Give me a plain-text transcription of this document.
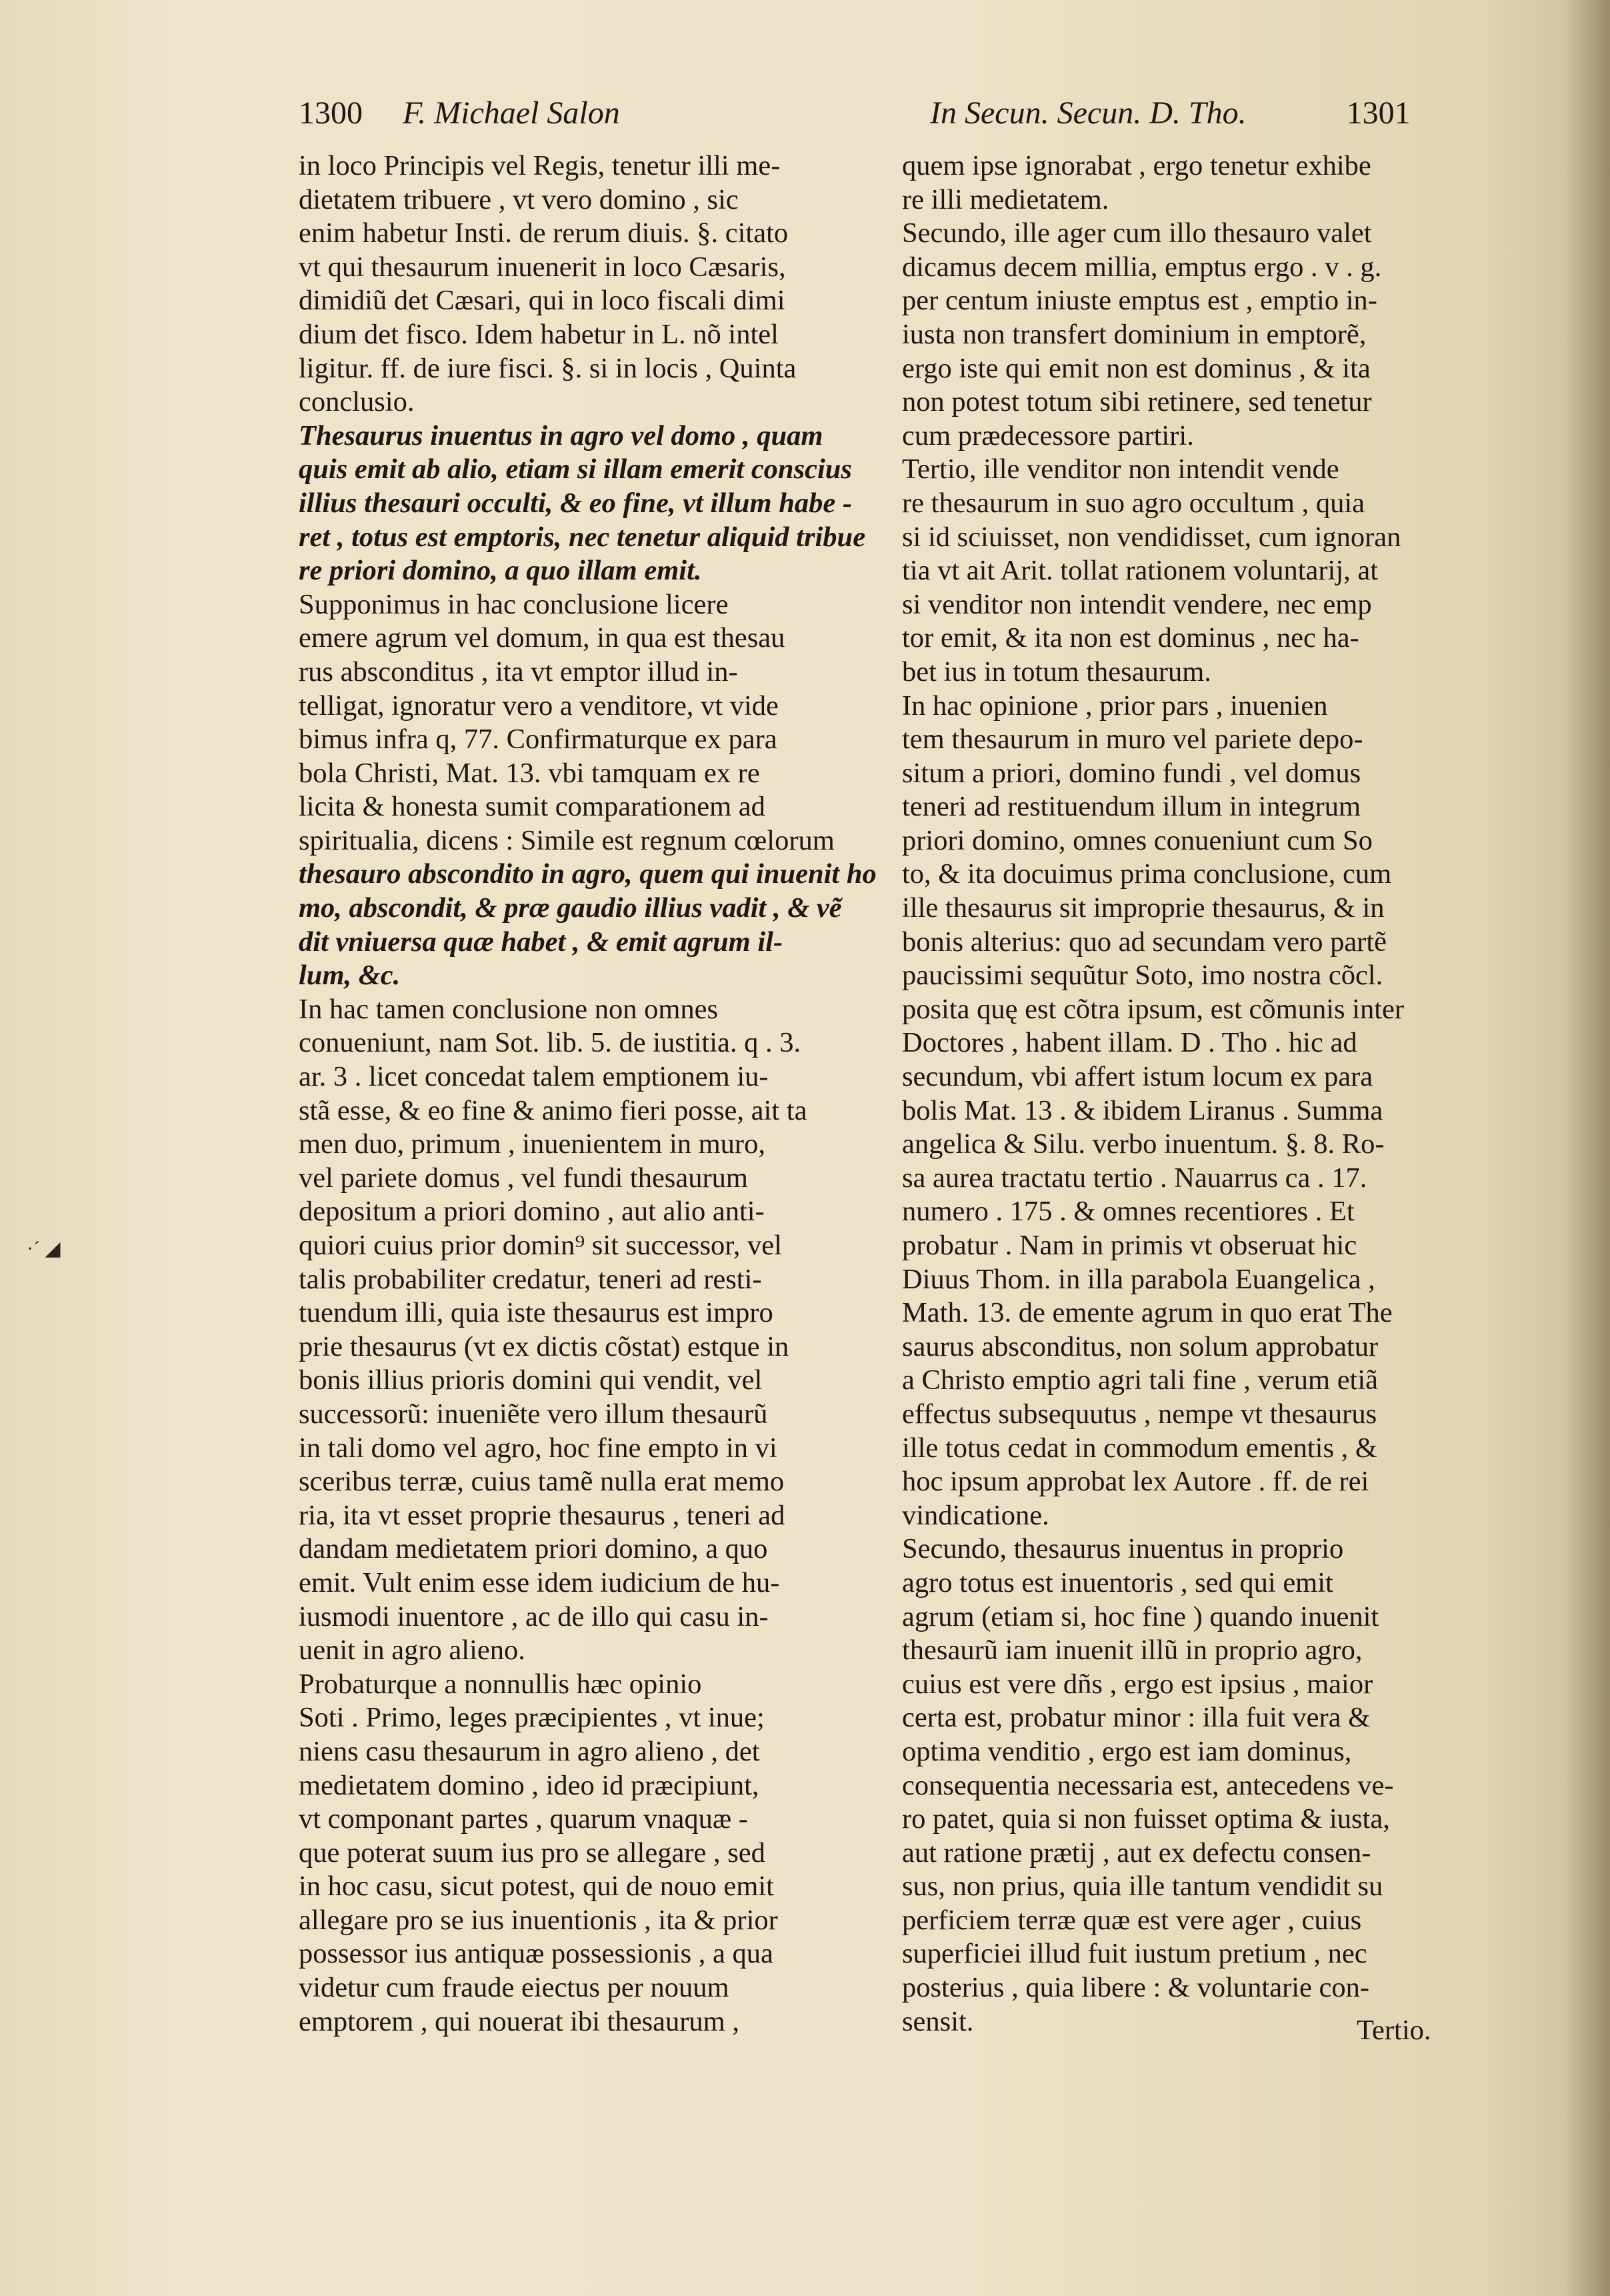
·ˊ ◢
1300 F. Michael Salon	In Secun. Secun. D. Tho.	1301
in loco Principis vel Regis, tenetur illi me-
dietatem tribuere , vt vero domino , sic
enim habetur Insti. de rerum diuis. §. citato
vt qui thesaurum inuenerit in loco Cæsaris,
dimidiũ det Cæsari, qui in loco fiscali dimi
dium det fisco. Idem habetur in L. nõ intel
ligitur. ff. de iure fisci. §. si in locis , Quinta
conclusio.
Thesaurus inuentus in agro vel domo , quam
quis emit ab alio, etiam si illam emerit conscius
illius thesauri occulti, & eo fine, vt illum habe -
ret , totus est emptoris, nec tenetur aliquid tribue
re priori domino, a quo illam emit.
Supponimus in hac conclusione licere
emere agrum vel domum, in qua est thesau
rus absconditus , ita vt emptor illud in-
telligat, ignoratur vero a venditore, vt vide
bimus infra q, 77. Confirmaturque ex para
bola Christi, Mat. 13. vbi tamquam ex re
licita & honesta sumit comparationem ad
spiritualia, dicens : Simile est regnum cœlorum
thesauro abscondito in agro, quem qui inuenit ho
mo, abscondit, & præ gaudio illius vadit , & vẽ
dit vniuersa quæ habet , & emit agrum il-
lum, &c.
In hac tamen conclusione non omnes
conueniunt, nam Sot. lib. 5. de iustitia. q . 3.
ar. 3 . licet concedat talem emptionem iu-
stã esse, & eo fine & animo fieri posse, ait ta
men duo, primum , inuenientem in muro,
vel pariete domus , vel fundi thesaurum
depositum a priori domino , aut alio anti-
quiori cuius prior domin⁹ sit successor, vel
talis probabiliter credatur, teneri ad resti-
tuendum illi, quia iste thesaurus est impro
prie thesaurus (vt ex dictis cõstat) estque in
bonis illius prioris domini qui vendit, vel
successorũ: inueniẽte vero illum thesaurũ
in tali domo vel agro, hoc fine empto in vi
sceribus terræ, cuius tamẽ nulla erat memo
ria, ita vt esset proprie thesaurus , teneri ad
dandam medietatem priori domino, a quo
emit. Vult enim esse idem iudicium de hu-
iusmodi inuentore , ac de illo qui casu in-
uenit in agro alieno.
Probaturque a nonnullis hæc opinio
Soti . Primo, leges præcipientes , vt inue;
niens casu thesaurum in agro alieno , det
medietatem domino , ideo id præcipiunt,
vt componant partes , quarum vnaquæ -
que poterat suum ius pro se allegare , sed
in hoc casu, sicut potest, qui de nouo emit
allegare pro se ius inuentionis , ita & prior
possessor ius antiquæ possessionis , a qua
videtur cum fraude eiectus per nouum
emptorem , qui nouerat ibi thesaurum ,
quem ipse ignorabat , ergo tenetur exhibe
re illi medietatem.
Secundo, ille ager cum illo thesauro valet
dicamus decem millia, emptus ergo . v . g.
per centum iniuste emptus est , emptio in-
iusta non transfert dominium in emptorẽ,
ergo iste qui emit non est dominus , & ita
non potest totum sibi retinere, sed tenetur
cum prædecessore partiri.
Tertio, ille venditor non intendit vende
re thesaurum in suo agro occultum , quia
si id sciuisset, non vendidisset, cum ignoran
tia vt ait Arit. tollat rationem voluntarij, at
si venditor non intendit vendere, nec emp
tor emit, & ita non est dominus , nec ha-
bet ius in totum thesaurum.
In hac opinione , prior pars , inuenien
tem thesaurum in muro vel pariete depo-
situm a priori, domino fundi , vel domus
teneri ad restituendum illum in integrum
priori domino, omnes conueniunt cum So
to, & ita docuimus prima conclusione, cum
ille thesaurus sit improprie thesaurus, & in
bonis alterius: quo ad secundam vero partẽ
paucissimi sequũtur Soto, imo nostra cõcl.
posita quę est cõtra ipsum, est cõmunis inter
Doctores , habent illam. D . Tho . hic ad
secundum, vbi affert istum locum ex para
bolis Mat. 13 . & ibidem Liranus . Summa
angelica & Silu. verbo inuentum. §. 8. Ro-
sa aurea tractatu tertio . Nauarrus ca . 17.
numero . 175 . & omnes recentiores . Et
probatur . Nam in primis vt obseruat hic
Diuus Thom. in illa parabola Euangelica ,
Math. 13. de emente agrum in quo erat The
saurus absconditus, non solum approbatur
a Christo emptio agri tali fine , verum etiã
effectus subsequutus , nempe vt thesaurus
ille totus cedat in commodum ementis , &
hoc ipsum approbat lex Autore . ff. de rei
vindicatione.
Secundo, thesaurus inuentus in proprio
agro totus est inuentoris , sed qui emit
agrum (etiam si, hoc fine ) quando inuenit
thesaurũ iam inuenit illũ in proprio agro,
cuius est vere dñs , ergo est ipsius , maior
certa est, probatur minor : illa fuit vera &
optima venditio , ergo est iam dominus,
consequentia necessaria est, antecedens ve-
ro patet, quia si non fuisset optima & iusta,
aut ratione prætij , aut ex defectu consen-
sus, non prius, quia ille tantum vendidit su
perficiem terræ quæ est vere ager , cuius
superficiei illud fuit iustum pretium , nec
posterius , quia libere : & voluntarie con-
sensit.	Tertio.
